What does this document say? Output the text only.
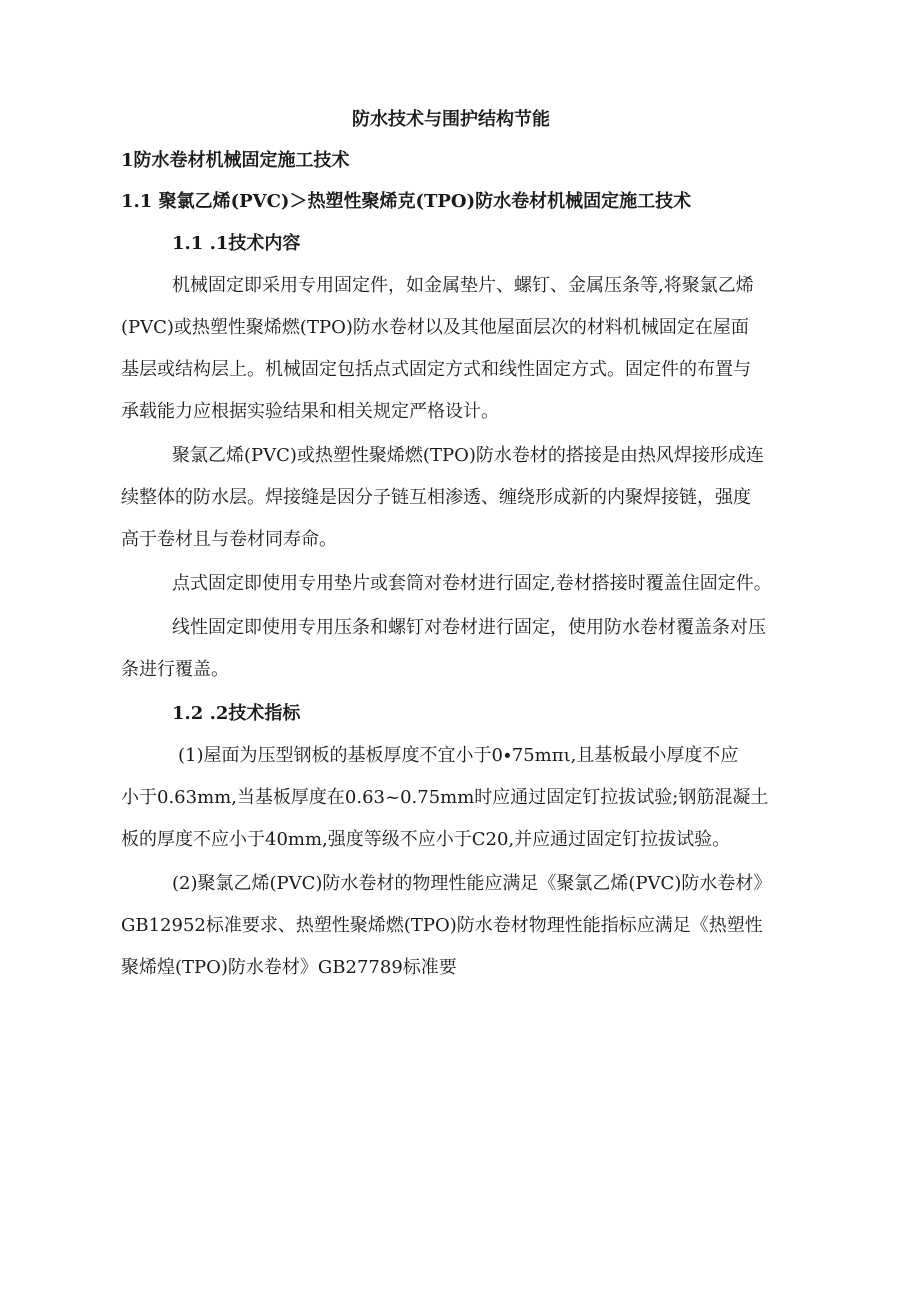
防水技术与围护结构节能
1防水卷材机械固定施工技术
1.1 聚氯乙烯(PVC)＞热塑性聚烯克(TPO)防水卷材机械固定施工技术
1.1 .1技术内容
机械固定即采用专用固定件，如金属垫片、螺钉、金属压条等,将聚氯乙烯
(PVC)或热塑性聚烯燃(TPO)防水卷材以及其他屋面层次的材料机械固定在屋面
基层或结构层上。机械固定包括点式固定方式和线性固定方式。固定件的布置与
承载能力应根据实验结果和相关规定严格设计。
聚氯乙烯(PVC)或热塑性聚烯燃(TPO)防水卷材的搭接是由热风焊接形成连
续整体的防水层。焊接缝是因分子链互相渗透、缠绕形成新的内聚焊接链，强度
高于卷材且与卷材同寿命。
点式固定即使用专用垫片或套筒对卷材进行固定,卷材搭接时覆盖住固定件。
线性固定即使用专用压条和螺钉对卷材进行固定，使用防水卷材覆盖条对压
条进行覆盖。
1.2 .2技术指标
(1)屋面为压型钢板的基板厚度不宜小于0∙75mπι,且基板最小厚度不应
小于0.63mm,当基板厚度在0.63~0.75mm时应通过固定钉拉拔试验;钢筋混凝土
板的厚度不应小于40mm,强度等级不应小于C20,并应通过固定钉拉拔试验。
(2)聚氯乙烯(PVC)防水卷材的物理性能应满足《聚氯乙烯(PVC)防水卷材》
GB12952标准要求、热塑性聚烯燃(TPO)防水卷材物理性能指标应满足《热塑性
聚烯煌(TPO)防水卷材》GB27789标准要
